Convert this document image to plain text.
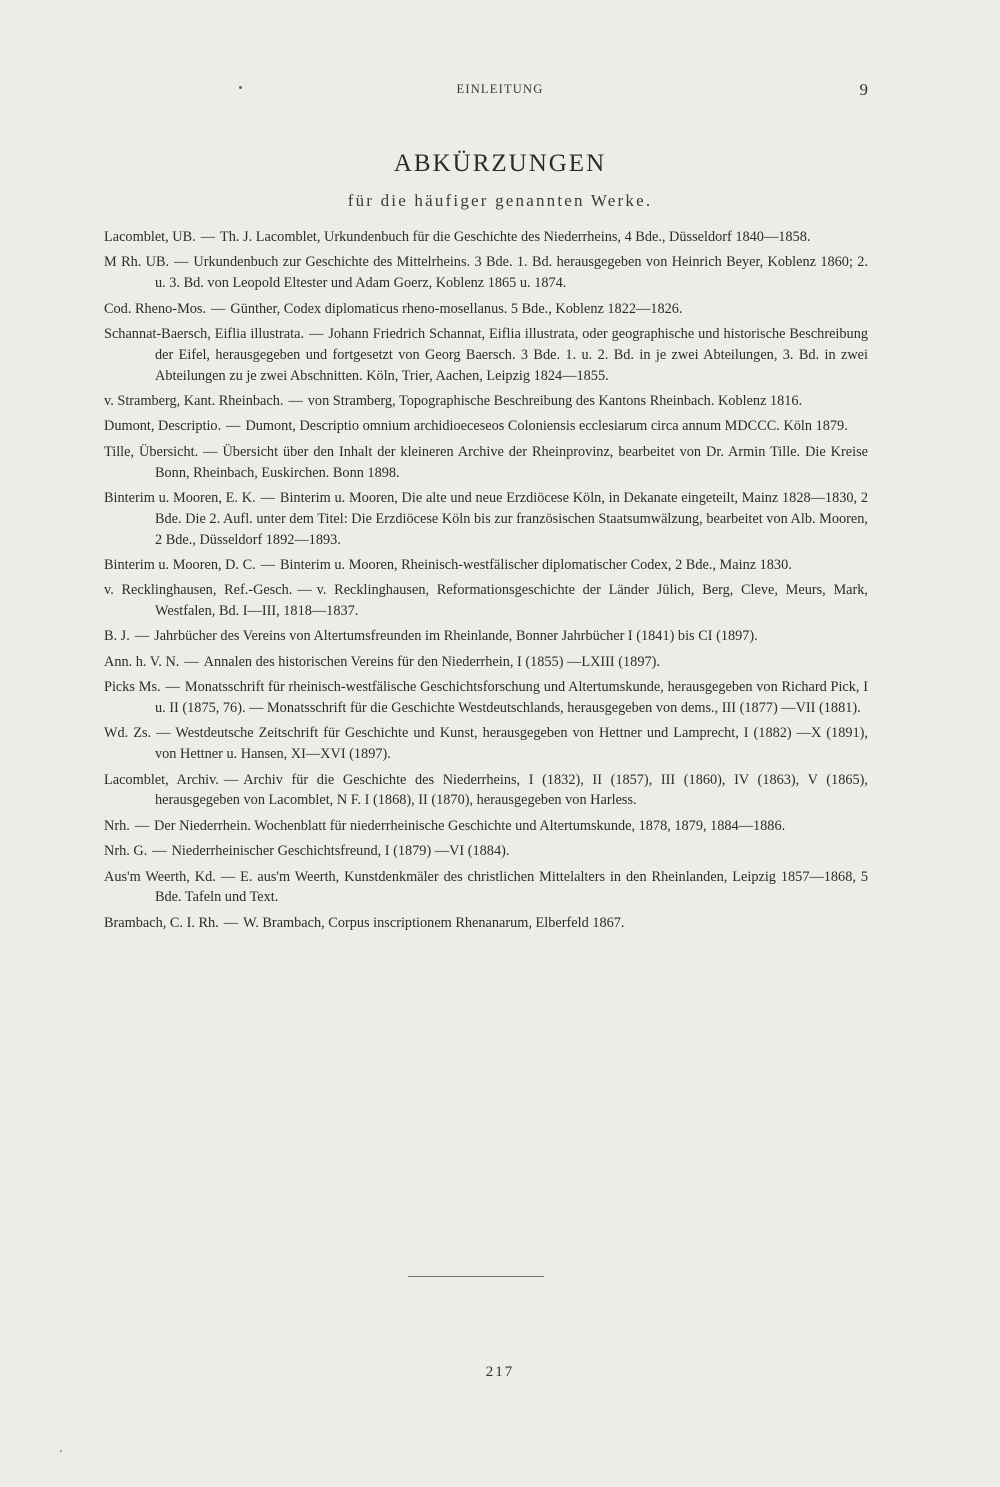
EINLEITUNG	9
ABKÜRZUNGEN
für die häufiger genannten Werke.
Lacomblet, UB. — Th. J. Lacomblet, Urkundenbuch für die Geschichte des Niederrheins, 4 Bde., Düsseldorf 1840—1858.
M Rh. UB. — Urkundenbuch zur Geschichte des Mittelrheins. 3 Bde. 1. Bd. herausgegeben von Heinrich Beyer, Koblenz 1860; 2. u. 3. Bd. von Leopold Eltester und Adam Goerz, Koblenz 1865 u. 1874.
Cod. Rheno-Mos. — Günther, Codex diplomaticus rheno-mosellanus. 5 Bde., Koblenz 1822—1826.
Schannat-Baersch, Eiflia illustrata. — Johann Friedrich Schannat, Eiflia illustrata, oder geographische und historische Beschreibung der Eifel, herausgegeben und fortgesetzt von Georg Baersch. 3 Bde. 1. u. 2. Bd. in je zwei Abteilungen, 3. Bd. in zwei Abteilungen zu je zwei Abschnitten. Köln, Trier, Aachen, Leipzig 1824—1855.
v. Stramberg, Kant. Rheinbach. — von Stramberg, Topographische Beschreibung des Kantons Rheinbach. Koblenz 1816.
Dumont, Descriptio. — Dumont, Descriptio omnium archidioeceseos Coloniensis ecclesiarum circa annum MDCCC. Köln 1879.
Tille, Übersicht. — Übersicht über den Inhalt der kleineren Archive der Rheinprovinz, bearbeitet von Dr. Armin Tille. Die Kreise Bonn, Rheinbach, Euskirchen. Bonn 1898.
Binterim u. Mooren, E. K. — Binterim u. Mooren, Die alte und neue Erzdiöcese Köln, in Dekanate eingeteilt, Mainz 1828—1830, 2 Bde. Die 2. Aufl. unter dem Titel: Die Erzdiöcese Köln bis zur französischen Staatsumwälzung, bearbeitet von Alb. Mooren, 2 Bde., Düsseldorf 1892—1893.
Binterim u. Mooren, D. C. — Binterim u. Mooren, Rheinisch-westfälischer diplomatischer Codex, 2 Bde., Mainz 1830.
v. Recklinghausen, Ref.-Gesch. — v. Recklinghausen, Reformationsgeschichte der Länder Jülich, Berg, Cleve, Meurs, Mark, Westfalen, Bd. I—III, 1818—1837.
B. J. — Jahrbücher des Vereins von Altertumsfreunden im Rheinlande, Bonner Jahrbücher I (1841) bis CI (1897).
Ann. h. V. N. — Annalen des historischen Vereins für den Niederrhein, I (1855) —LXIII (1897).
Picks Ms. — Monatsschrift für rheinisch-westfälische Geschichtsforschung und Altertumskunde, herausgegeben von Richard Pick, I u. II (1875, 76). — Monatsschrift für die Geschichte Westdeutschlands, herausgegeben von dems., III (1877) —VII (1881).
Wd. Zs. — Westdeutsche Zeitschrift für Geschichte und Kunst, herausgegeben von Hettner und Lamprecht, I (1882) —X (1891), von Hettner u. Hansen, XI—XVI (1897).
Lacomblet, Archiv. — Archiv für die Geschichte des Niederrheins, I (1832), II (1857), III (1860), IV (1863), V (1865), herausgegeben von Lacomblet, N F. I (1868), II (1870), herausgegeben von Harless.
Nrh. — Der Niederrhein. Wochenblatt für niederrheinische Geschichte und Altertumskunde, 1878, 1879, 1884—1886.
Nrh. G. — Niederrheinischer Geschichtsfreund, I (1879) —VI (1884).
Aus'm Weerth, Kd. — E. aus'm Weerth, Kunstdenkmäler des christlichen Mittelalters in den Rheinlanden, Leipzig 1857—1868, 5 Bde. Tafeln und Text.
Brambach, C. I. Rh. — W. Brambach, Corpus inscriptionem Rhenanarum, Elberfeld 1867.
217
